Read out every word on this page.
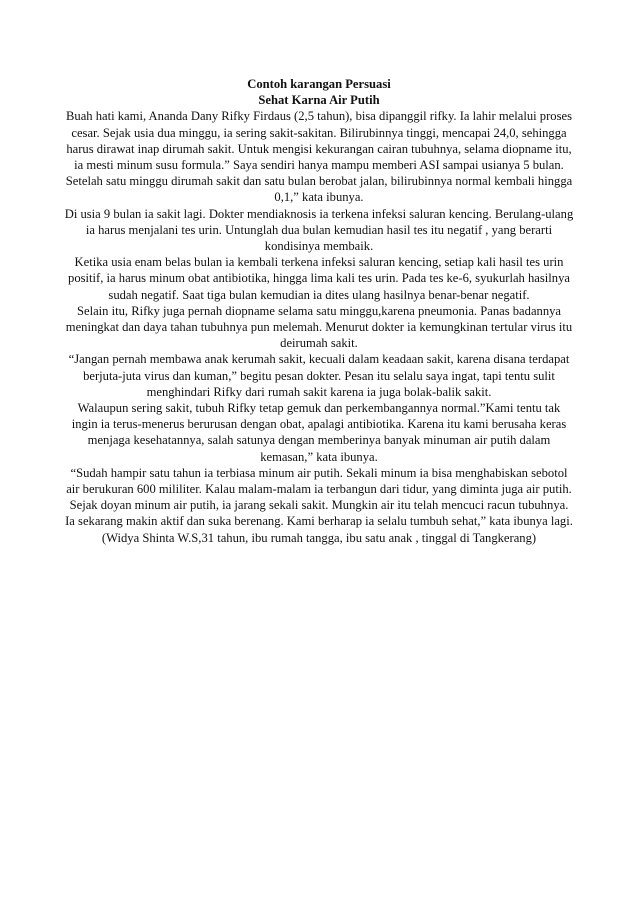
Contoh karangan Persuasi
Sehat Karna Air Putih
Buah hati kami, Ananda Dany Rifky Firdaus (2,5 tahun), bisa dipanggil rifky. Ia lahir melalui proses cesar. Sejak usia dua minggu, ia sering sakit-sakitan. Bilirubinnya tinggi, mencapai 24,0, sehingga harus dirawat inap dirumah sakit. Untuk mengisi kekurangan cairan tubuhnya, selama diopname itu, ia mesti minum susu formula.” Saya sendiri hanya mampu memberi ASI sampai usianya 5 bulan. Setelah satu minggu dirumah sakit dan satu bulan berobat jalan, bilirubinnya normal kembali hingga 0,1,” kata ibunya.
Di usia 9 bulan ia sakit lagi. Dokter mendiaknosis ia terkena infeksi saluran kencing. Berulang-ulang ia harus menjalani tes urin. Untunglah dua bulan kemudian hasil tes itu negatif , yang berarti kondisinya membaik.
Ketika usia enam belas bulan ia kembali terkena infeksi saluran kencing, setiap kali hasil tes urin positif, ia harus minum obat antibiotika, hingga lima kali tes urin. Pada tes ke-6, syukurlah hasilnya sudah negatif. Saat tiga bulan kemudian ia dites ulang hasilnya benar-benar negatif.
Selain itu, Rifky juga pernah diopname selama satu minggu,karena pneumonia. Panas badannya meningkat dan daya tahan tubuhnya pun melemah. Menurut dokter ia kemungkinan tertular virus itu deirumah sakit.
“Jangan pernah membawa anak kerumah sakit, kecuali dalam keadaan sakit, karena disana terdapat berjuta-juta virus dan kuman,” begitu pesan dokter. Pesan itu selalu saya ingat, tapi tentu sulit menghindari Rifky dari rumah sakit karena ia juga bolak-balik sakit.
Walaupun sering sakit, tubuh Rifky tetap gemuk dan perkembangannya normal.”Kami tentu tak ingin ia terus-menerus berurusan dengan obat, apalagi antibiotika. Karena itu kami berusaha keras menjaga kesehatannya, salah satunya dengan memberinya banyak minuman air putih dalam kemasan,” kata ibunya.
“Sudah hampir satu tahun ia terbiasa minum air putih. Sekali minum ia bisa menghabiskan sebotol air berukuran 600 mililiter. Kalau malam-malam ia terbangun dari tidur, yang diminta juga air putih. Sejak doyan minum air putih, ia jarang sekali sakit. Mungkin air itu telah mencuci racun tubuhnya. Ia sekarang makin aktif dan suka berenang. Kami berharap ia selalu tumbuh sehat,” kata ibunya lagi.
(Widya Shinta W.S,31 tahun, ibu rumah tangga, ibu satu anak , tinggal di Tangkerang)
